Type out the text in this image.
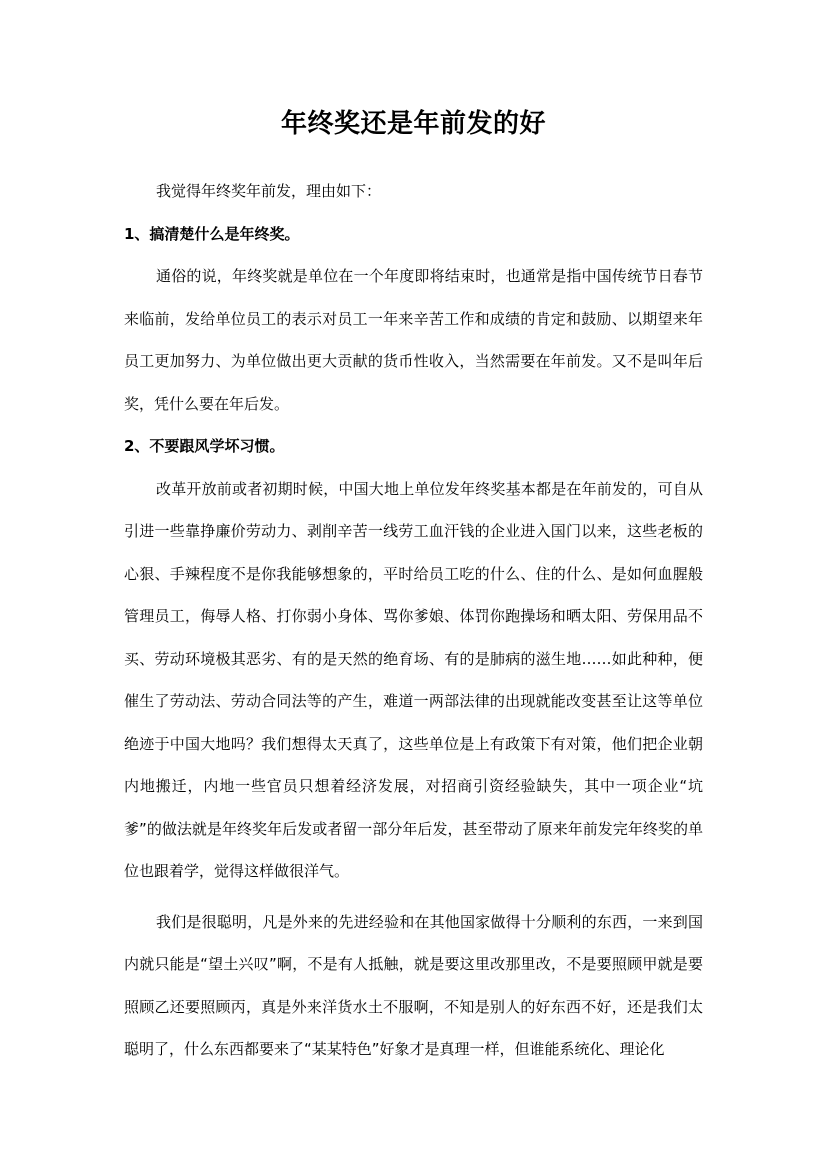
年终奖还是年前发的好

我觉得年终奖年前发，理由如下：

1、搞清楚什么是年终奖。

通俗的说，年终奖就是单位在一个年度即将结束时，也通常是指中国传统节日春节来临前，发给单位员工的表示对员工一年来辛苦工作和成绩的肯定和鼓励、以期望来年员工更加努力、为单位做出更大贡献的货币性收入，当然需要在年前发。又不是叫年后奖，凭什么要在年后发。

2、不要跟风学坏习惯。

改革开放前或者初期时候，中国大地上单位发年终奖基本都是在年前发的，可自从引进一些靠挣廉价劳动力、剥削辛苦一线劳工血汗钱的企业进入国门以来，这些老板的心狠、手辣程度不是你我能够想象的，平时给员工吃的什么、住的什么、是如何血腥般管理员工，侮辱人格、打你弱小身体、骂你爹娘、体罚你跑操场和晒太阳、劳保用品不买、劳动环境极其恶劣、有的是天然的绝育场、有的是肺病的滋生地……如此种种，便催生了劳动法、劳动合同法等的产生，难道一两部法律的出现就能改变甚至让这等单位绝迹于中国大地吗？我们想得太天真了，这些单位是上有政策下有对策，他们把企业朝内地搬迁，内地一些官员只想着经济发展，对招商引资经验缺失，其中一项企业“坑爹”的做法就是年终奖年后发或者留一部分年后发，甚至带动了原来年前发完年终奖的单位也跟着学，觉得这样做很洋气。

我们是很聪明，凡是外来的先进经验和在其他国家做得十分顺利的东西，一来到国内就只能是“望土兴叹”啊，不是有人抵触，就是要这里改那里改，不是要照顾甲就是要照顾乙还要照顾丙，真是外来洋货水土不服啊，不知是别人的好东西不好，还是我们太聪明了，什么东西都要来了“某某特色”好象才是真理一样，但谁能系统化、理论化
